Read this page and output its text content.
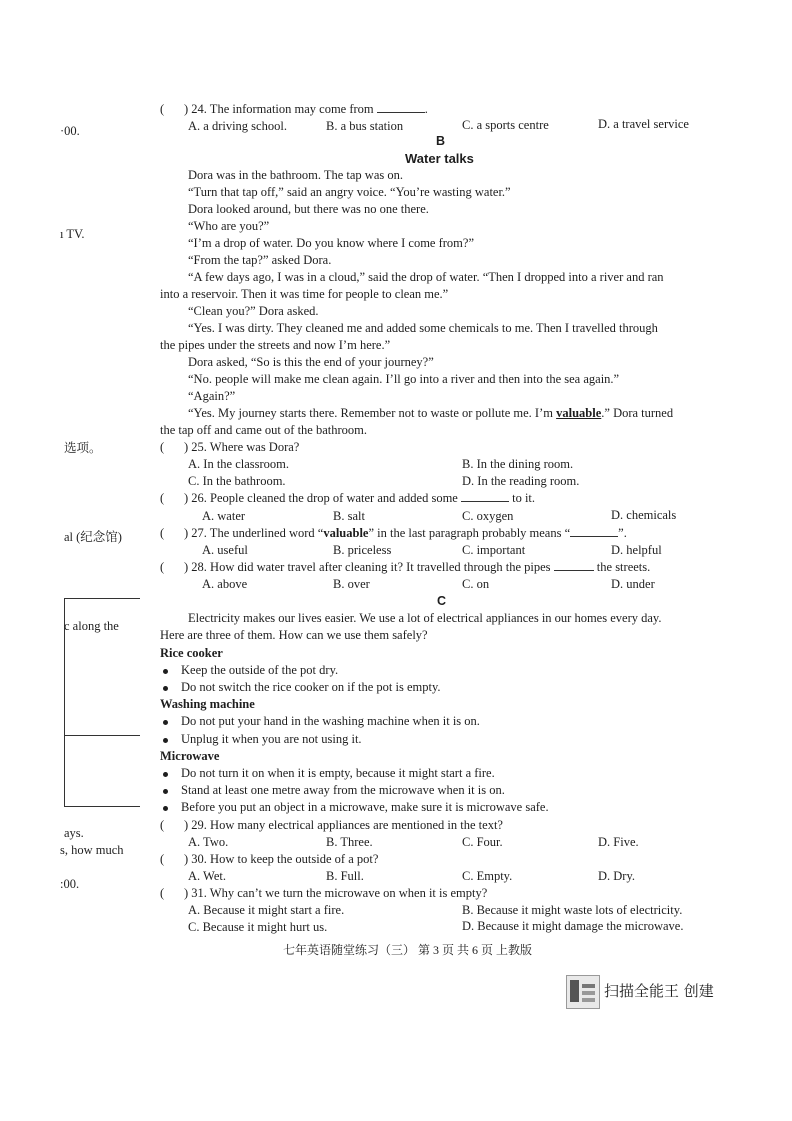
·00.
ı TV.
选项。
al (纪念馆)
c along the
ays.
s, how much
:00.
( ) 24. The information may come from	.
A. a driving school.	B. a bus station	C. a sports centre	D. a travel service
B
Water talks
Dora was in the bathroom. The tap was on.
“Turn that tap off,” said an angry voice. “You’re wasting water.”
Dora looked around, but there was no one there.
“Who are you?”
“I’m a drop of water. Do you know where I come from?”
“From the tap?” asked Dora.
“A few days ago, I was in a cloud,” said the drop of water. “Then I dropped into a river and ran
into a reservoir. Then it was time for people to clean me.”
“Clean you?” Dora asked.
“Yes. I was dirty. They cleaned me and added some chemicals to me. Then I travelled through
the pipes under the streets and now I’m here.”
Dora asked, “So is this the end of your journey?”
“No. people will make me clean again. I’ll go into a river and then into the sea again.”
“Again?”
“Yes. My journey starts there. Remember not to waste or pollute me. I’m valuable.” Dora turned
the tap off and came out of the bathroom.
( ) 25. Where was Dora?
A. In the classroom.	B. In the dining room.
C. In the bathroom.	D. In the reading room.
( ) 26. People cleaned the drop of water and added some	to it.
A. water	B. salt	C. oxygen	D. chemicals
( ) 27. The underlined word “valuable” in the last paragraph probably means “	”.
A. useful	B. priceless	C. important	D. helpful
( ) 28. How did water travel after cleaning it? It travelled through the pipes	the streets.
A. above	B. over	C. on	D. under
C
Electricity makes our lives easier. We use a lot of electrical appliances in our homes every day.
Here are three of them. How can we use them safely?
Rice cooker
Keep the outside of the pot dry.
Do not switch the rice cooker on if the pot is empty.
Washing machine
Do not put your hand in the washing machine when it is on.
Unplug it when you are not using it.
Microwave
Do not turn it on when it is empty, because it might start a fire.
Stand at least one metre away from the microwave when it is on.
Before you put an object in a microwave, make sure it is microwave safe.
( ) 29. How many electrical appliances are mentioned in the text?
A. Two.	B. Three.	C. Four.	D. Five.
( ) 30. How to keep the outside of a pot?
A. Wet.	B. Full.	C. Empty.	D. Dry.
( ) 31. Why can’t we turn the microwave on when it is empty?
A. Because it might start a fire.	B. Because it might waste lots of electricity.
C. Because it might hurt us.	D. Because it might damage the microwave.
七年英语随堂练习（三） 第 3 页 共 6 页 上教版
扫描全能王 创建
